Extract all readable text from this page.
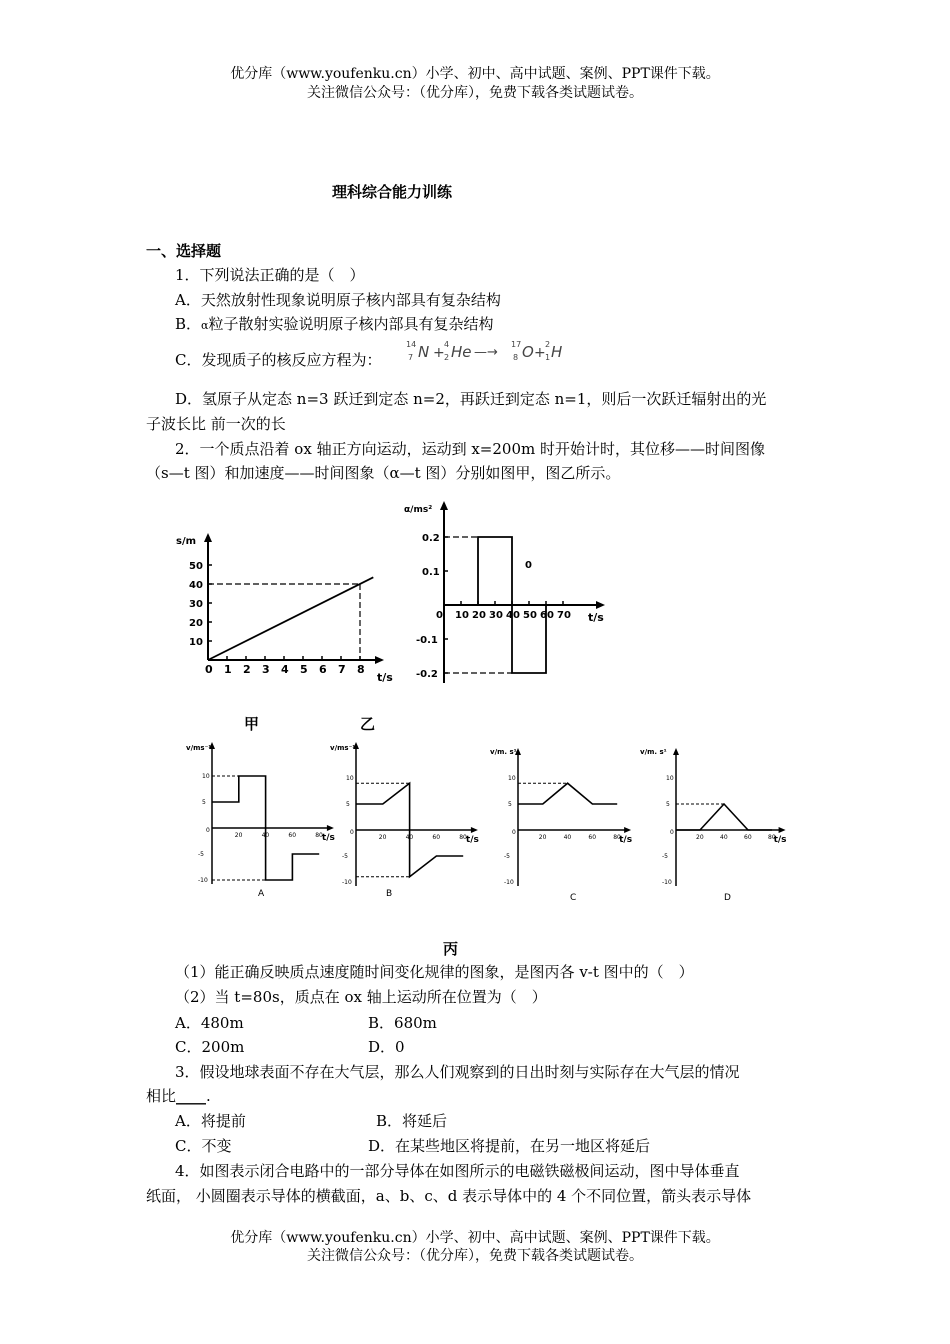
优分库（www.youfenku.cn）小学、初中、高中试题、案例、PPT课件下载。
关注微信公众号：（优分库），免费下载各类试题试卷。
理科综合能力训练
一、选择题
1．下列说法正确的是（　）
A．天然放射性现象说明原子核内部具有复杂结构
B．α粒子散射实验说明原子核内部具有复杂结构
C．发现质子的核反应方程为：
14
7 N +
4
2 He —→
17
8 O +
2
1 H
D．氢原子从定态 n=3 跃迁到定态 n=2，再跃迁到定态 n=1，则后一次跃迁辐射出的光
子波长比 前一次的长
2．一个质点沿着 ox 轴正方向运动，运动到 x=200m 时开始计时，其位移——时间图像
（s—t 图）和加速度——时间图象（α—t 图）分别如图甲，图乙所示。
0 1 2 3 4 5 6 7 8
10
20
30
40
50
s/m
t/s
0 10 20 30 40 50 60 70
0.2
0.1
-0.1
-0.2
α/ms²
t/s
0
甲	乙
v/ms⁻¹
t/s
0
20	40	60	80
10
5
-5
-10
A
v/ms⁻¹
t/s
0
20	40	60	80
10
5
-5
-10
B
v/m. s¹
t/s
0
20	40	60	80
10
5
-5
-10
C
v/m. s¹
t/s
0
20	40	60	80
10
5
-5
-10
D
丙
（1）能正确反映质点速度随时间变化规律的图象，是图丙各 v-t 图中的（　）
（2）当 t=80s，质点在 ox 轴上运动所在位置为（　）
A．480m	B．680m
C．200m	D．0
3．假设地球表面不存在大气层，那么人们观察到的日出时刻与实际存在大气层的情况
相比____.
A．将提前	B．将延后
C．不变	D．在某些地区将提前，在另一地区将延后
4．如图表示闭合电路中的一部分导体在如图所示的电磁铁磁极间运动，图中导体垂直
纸面， 小圆圈表示导体的横截面，a、b、c、d 表示导体中的 4 个不同位置，箭头表示导体
优分库（www.youfenku.cn）小学、初中、高中试题、案例、PPT课件下载。
关注微信公众号：（优分库），免费下载各类试题试卷。
